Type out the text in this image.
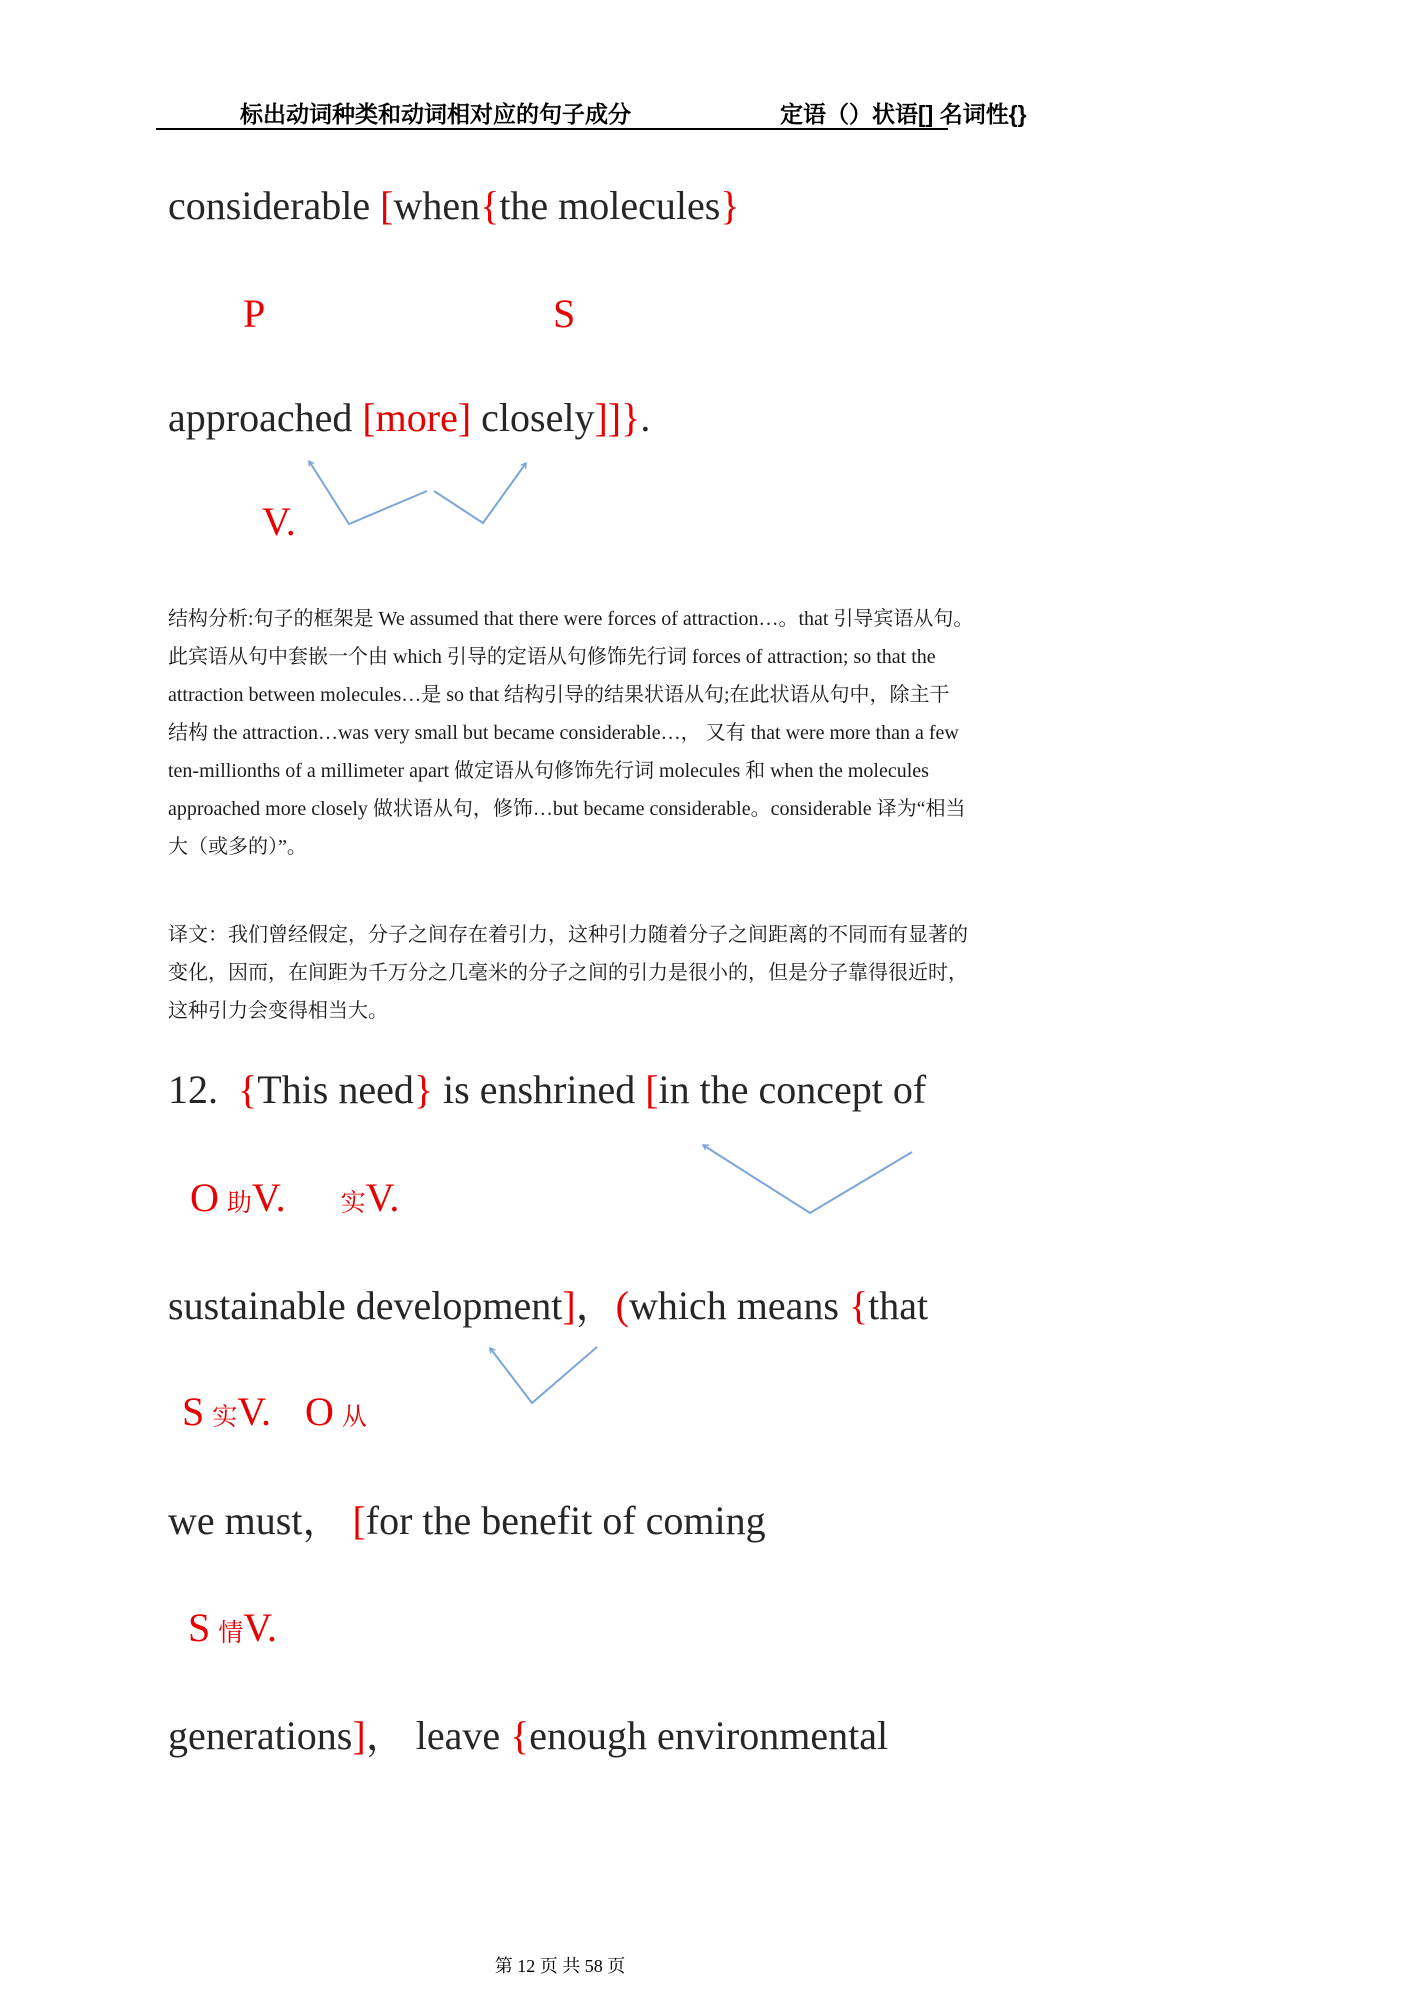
标出动词种类和动词相对应的句子成分	定语（）状语[] 名词性{}
considerable [when{the molecules}
P	S
approached [more] closely]]}.
V.
结构分析:句子的框架是 We assumed that there were forces of attraction…。that 引导宾语从句。
此宾语从句中套嵌一个由 which 引导的定语从句修饰先行词 forces of attraction; so that the
attraction between molecules…是 so that 结构引导的结果状语从句;在此状语从句中，除主干
结构 the attraction…was very small but became considerable…， 又有 that were more than a few
ten-millionths of a millimeter apart 做定语从句修饰先行词 molecules 和 when the molecules
approached more closely 做状语从句，修饰…but became considerable。considerable 译为“相当
大（或多的）”。
译文：我们曾经假定，分子之间存在着引力，这种引力随着分子之间距离的不同而有显著的
变化，因而，在间距为千万分之几毫米的分子之间的引力是很小的，但是分子靠得很近时，
这种引力会变得相当大。
12.  {This need} is enshrined [in the concept of
O助V. 实V.
sustainable development]，(which means {that
S实V. O 从
we must， [for the benefit of coming
S情V.
generations]， leave {enough environmental
第 12 页 共 58 页
